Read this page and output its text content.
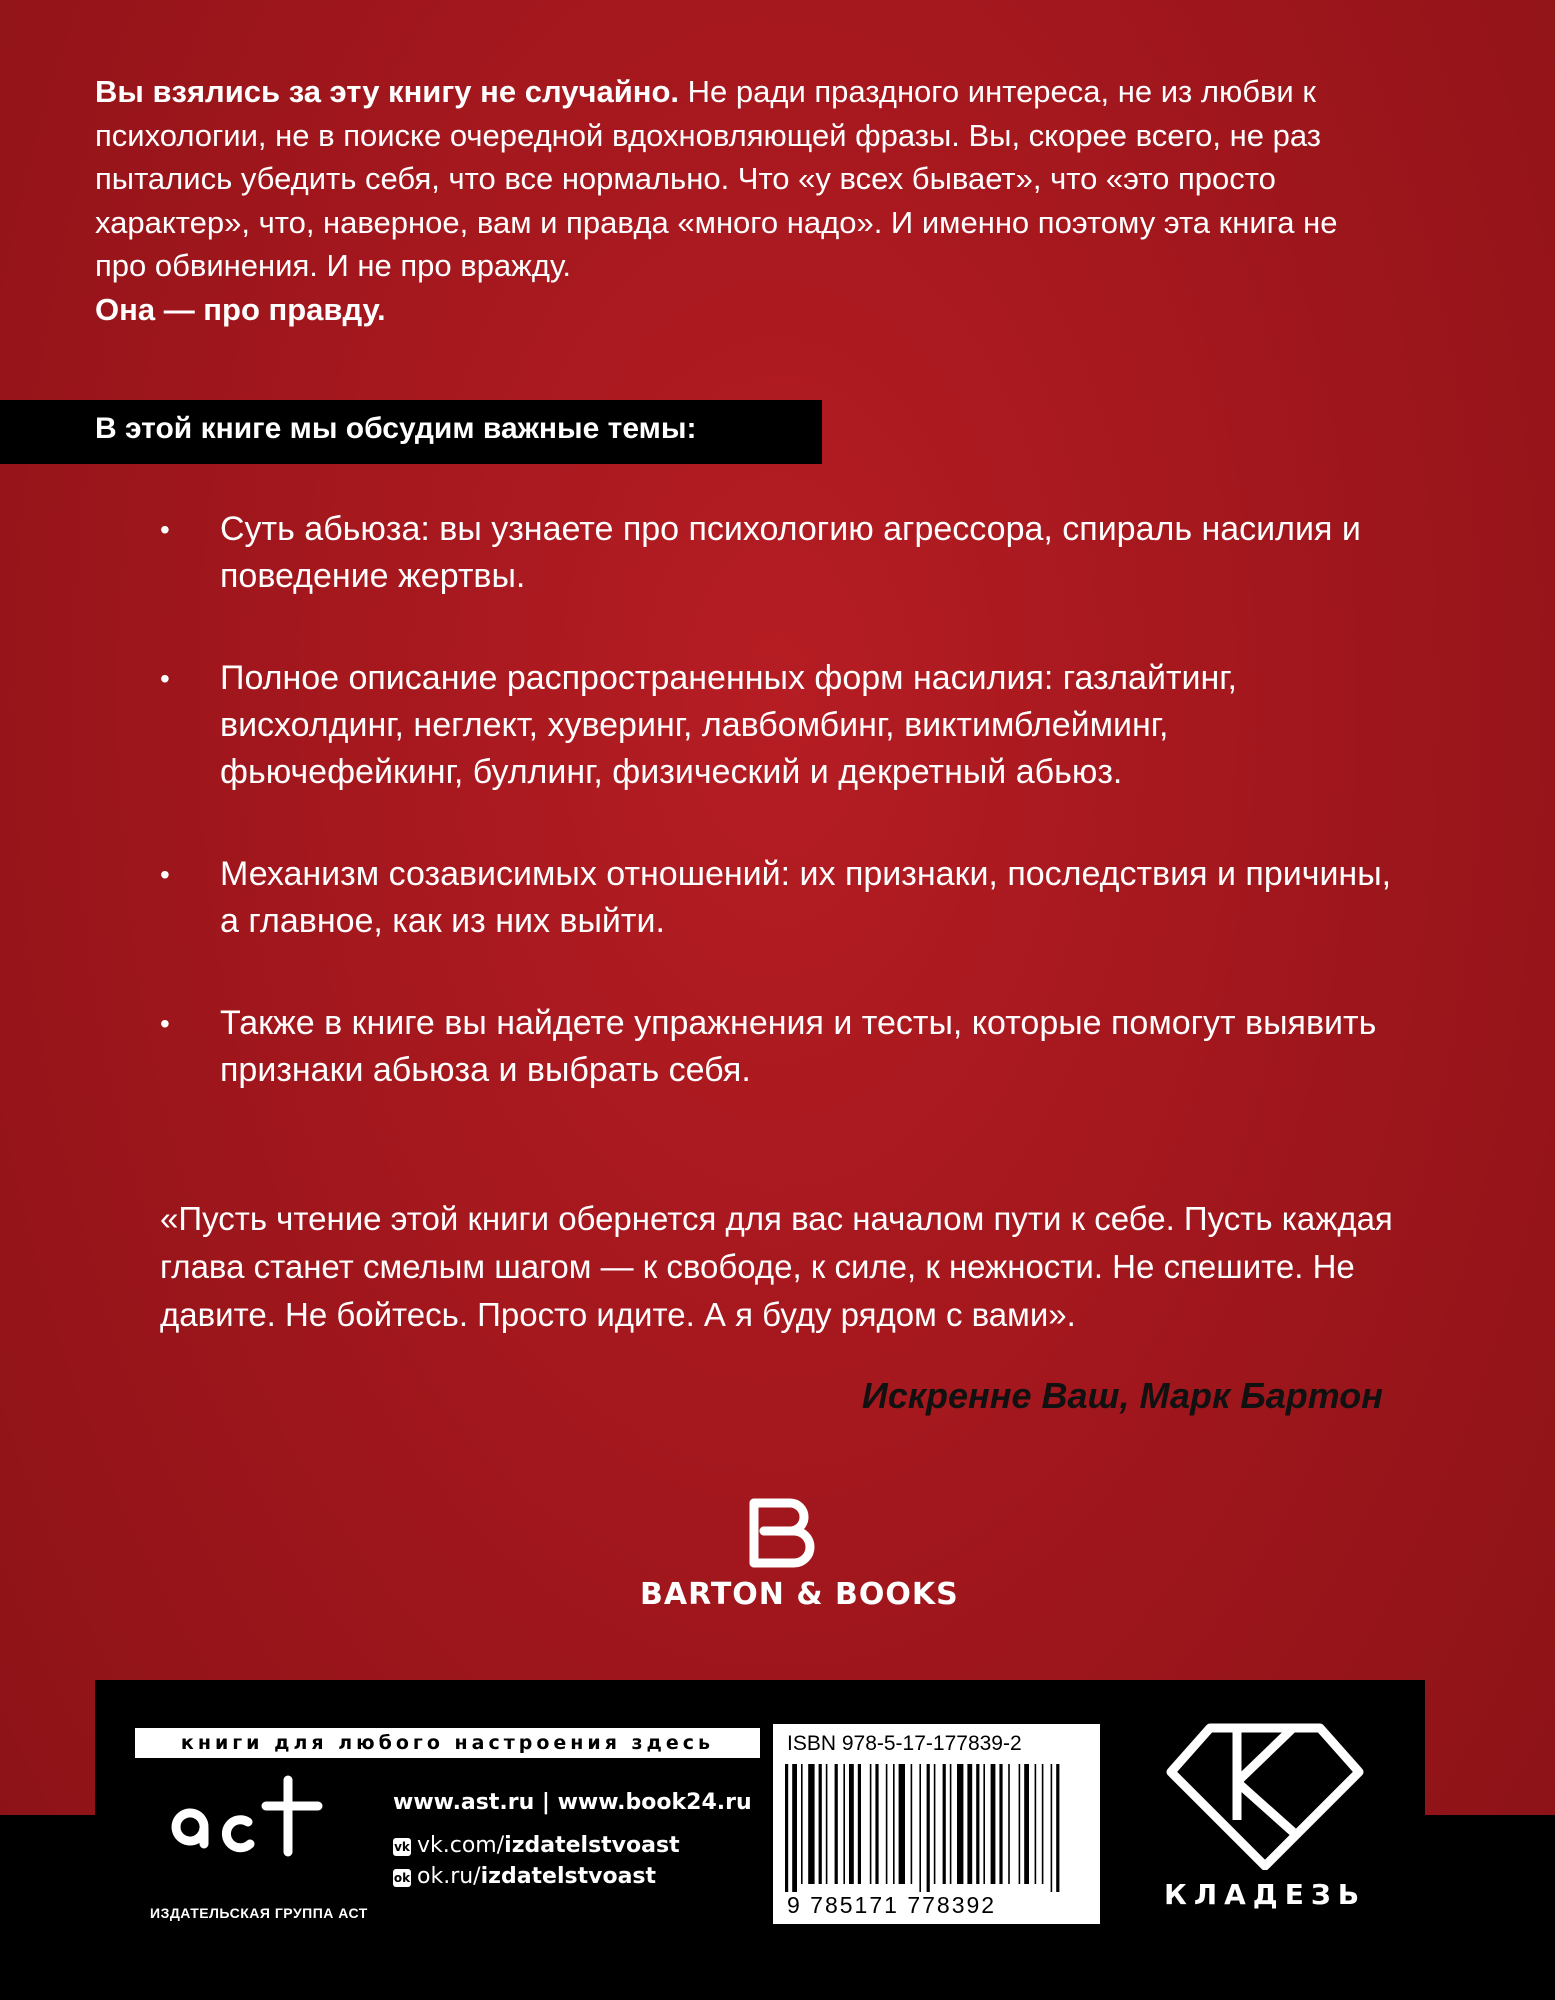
Вы взялись за эту книгу не случайно. Не ради праздного интереса, не из любви к психологии, не в поиске очередной вдохновляющей фразы. Вы, скорее всего, не раз пытались убедить себя, что все нормально. Что «у всех бывает», что «это просто характер», что, наверное, вам и правда «много надо». И именно поэтому эта книга не про обвинения. И не про вражду.
Она — про правду.
В этой книге мы обсудим важные темы:
• Суть абьюза: вы узнаете про психологию агрессора, спираль насилия и поведение жертвы.
• Полное описание распространенных форм насилия: газлайтинг, висхолдинг, неглект, хуверинг, лавбомбинг, виктимблейминг, фьючефейкинг, буллинг, физический и декретный абьюз.
• Механизм созависимых отношений: их признаки, последствия и причины, а главное, как из них выйти.
• Также в книге вы найдете упражнения и тесты, которые помогут выявить признаки абьюза и выбрать себя.
«Пусть чтение этой книги обернется для вас началом пути к себе. Пусть каждая глава станет смелым шагом — к свободе, к силе, к нежности. Не спешите. Не давите. Не бойтесь. Просто идите. А я буду рядом с вами».
Искренне Ваш, Марк Бартон
BARTON & BOOKS
книги для любого настроения здесь
ИЗДАТЕЛЬСКАЯ ГРУППА АСТ
www.ast.ru | www.book24.ru
vk vk.com/izdatelstvoast
ok ok.ru/izdatelstvoast
ISBN 978-5-17-177839-2
9 785171 778392	КЛАДЕЗЬ
